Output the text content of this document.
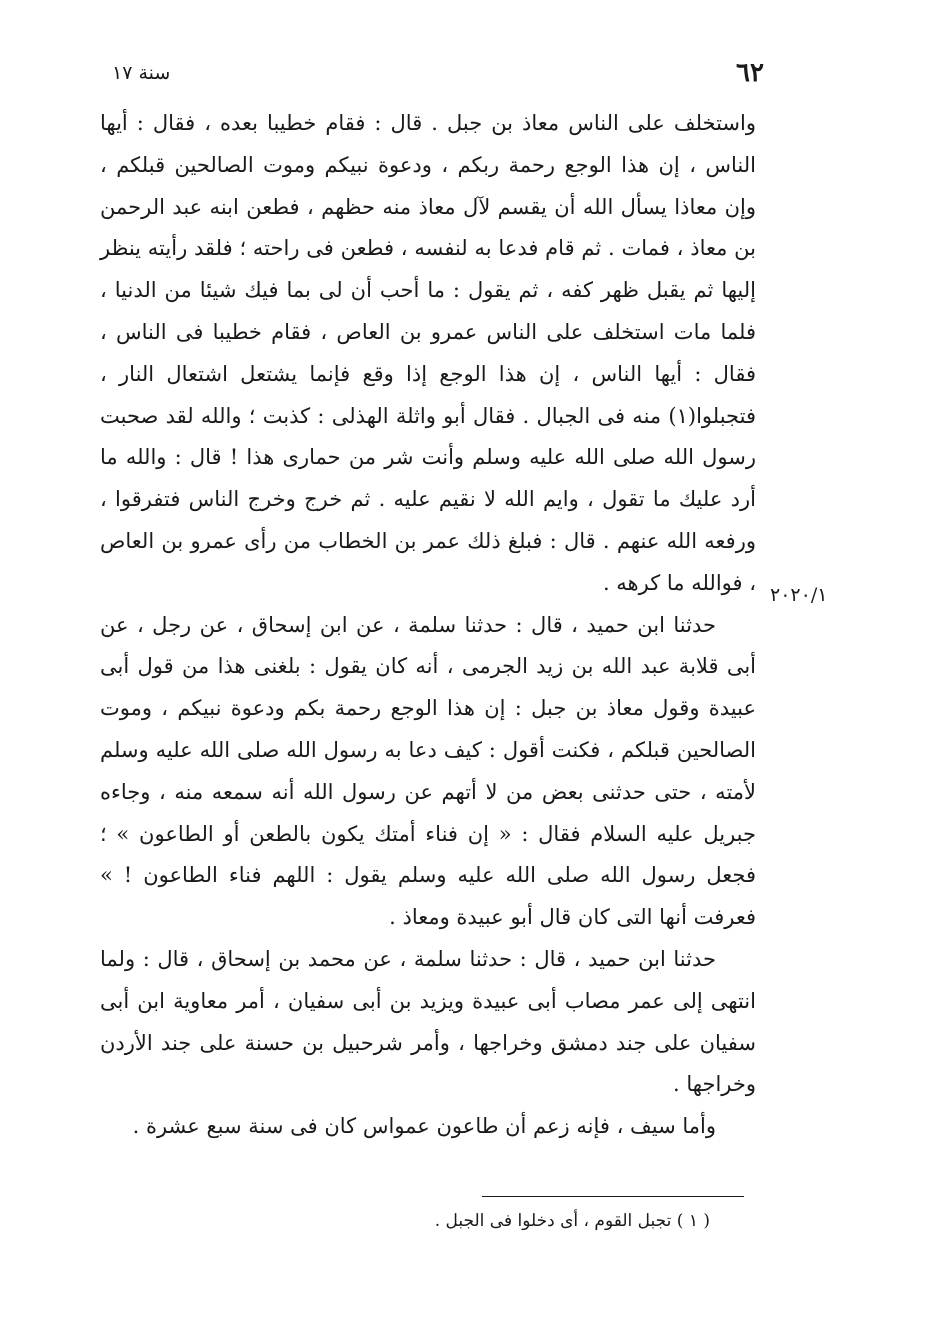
٦٢
سنة ١٧

واستخلف على الناس معاذ بن جبل . قال : فقام خطيبا بعده ، فقال : أيها الناس ، إن هذا الوجع رحمة ربكم ، ودعوة نبيكم وموت الصالحين قبلكم ، وإن معاذا يسأل الله أن يقسم لآل معاذ منه حظهم ، فطعن ابنه عبد الرحمن بن معاذ ، فمات . ثم قام فدعا به لنفسه ، فطعن فى راحته ؛ فلقد رأيته ينظر إليها ثم يقبل ظهر كفه ، ثم يقول : ما أحب أن لى بما فيك شيئا من الدنيا ، فلما مات استخلف على الناس عمرو بن العاص ، فقام خطيبا فى الناس ، فقال : أيها الناس ، إن هذا الوجع إذا وقع فإنما يشتعل اشتعال النار ، فتجبلوا(١) منه فى الجبال . فقال أبو واثلة الهذلى : كذبت ؛ والله لقد صحبت رسول الله صلى الله عليه وسلم وأنت شر من حمارى هذا ! قال : والله ما أرد عليك ما تقول ، وايم الله لا نقيم عليه . ثم خرج وخرج الناس فتفرقوا ، ورفعه الله عنهم . قال : فبلغ ذلك عمر بن الخطاب من رأى عمرو بن العاص ، فوالله ما كرهه .

حدثنا ابن حميد ، قال : حدثنا سلمة ، عن ابن إسحاق ، عن رجل ، عن أبى قلابة عبد الله بن زيد الجرمى ، أنه كان يقول : بلغنى هذا من قول أبى عبيدة وقول معاذ بن جبل : إن هذا الوجع رحمة بكم ودعوة نبيكم ، وموت الصالحين قبلكم ، فكنت أقول : كيف دعا به رسول الله صلى الله عليه وسلم لأمته ، حتى حدثنى بعض من لا أتهم عن رسول الله أنه سمعه منه ، وجاءه جبريل عليه السلام فقال : « إن فناء أمتك يكون بالطعن أو الطاعون » ؛ فجعل رسول الله صلى الله عليه وسلم يقول : اللهم فناء الطاعون ! » فعرفت أنها التى كان قال أبو عبيدة ومعاذ .

حدثنا ابن حميد ، قال : حدثنا سلمة ، عن محمد بن إسحاق ، قال : ولما انتهى إلى عمر مصاب أبى عبيدة ويزيد بن أبى سفيان ، أمر معاوية ابن أبى سفيان على جند دمشق وخراجها ، وأمر شرحبيل بن حسنة على جند الأردن وخراجها .

وأما سيف ، فإنه زعم أن طاعون عمواس كان فى سنة سبع عشرة .

٢٠٢٠/١
( ١ ) تجبل القوم ، أى دخلوا فى الجبل .
